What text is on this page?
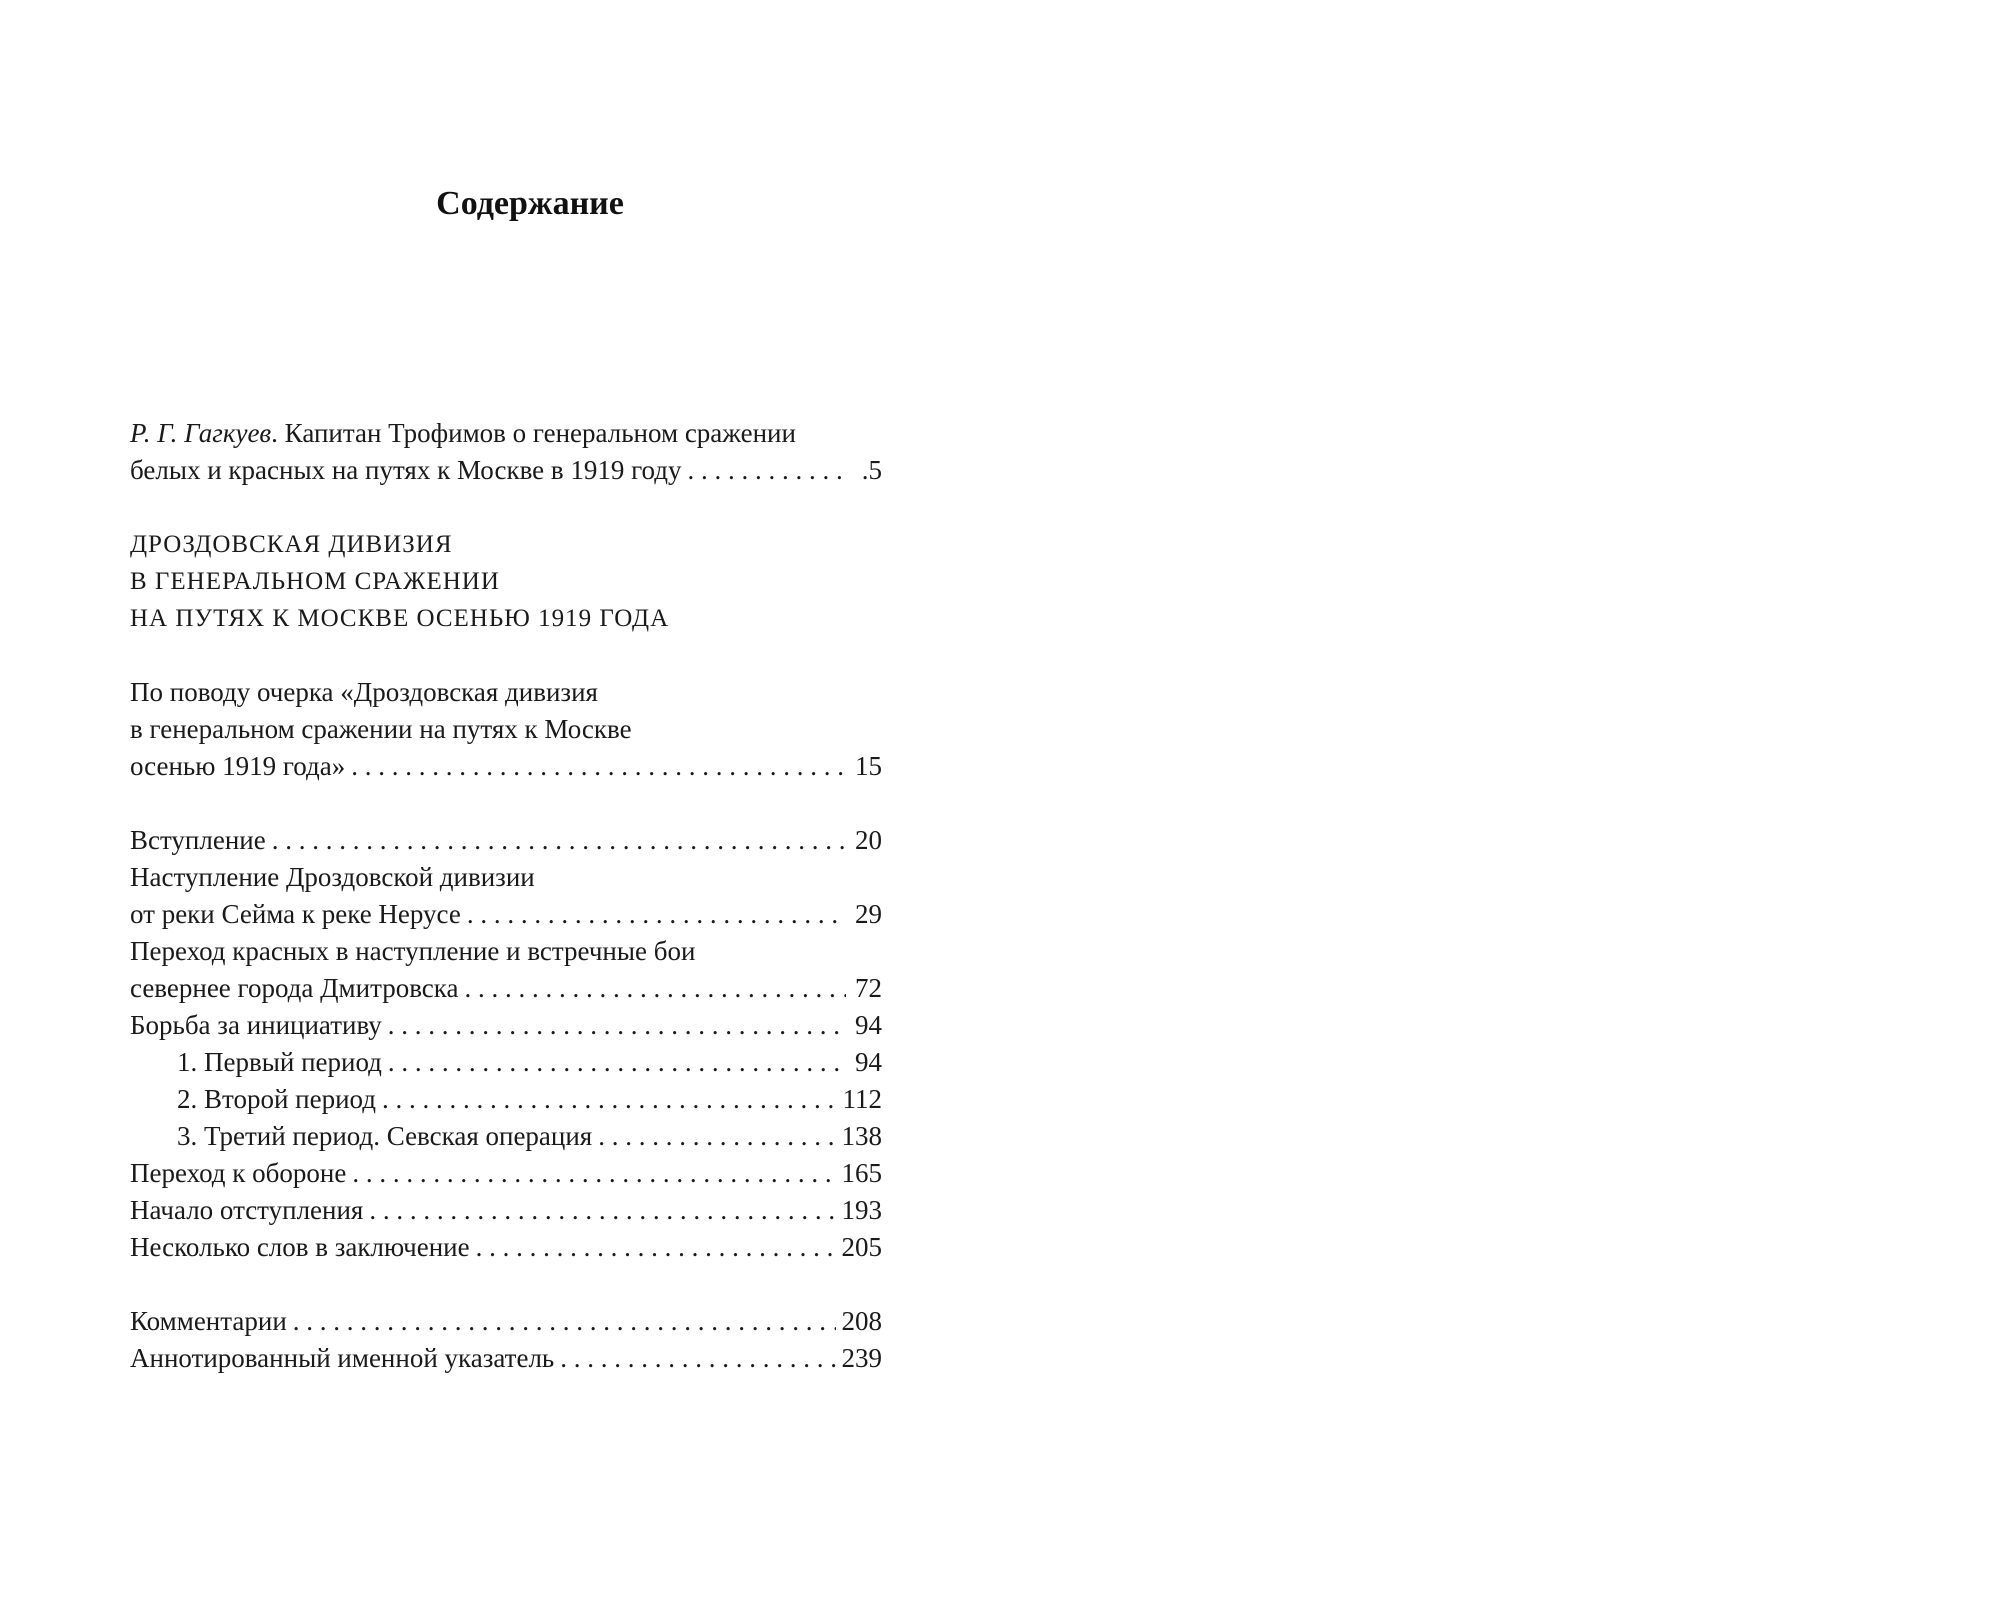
Содержание
Р. Г. Гагкуев. Капитан Трофимов о генеральном сражении
белых и красных на путях к Москве в 1919 году . . .	.5
ДРОЗДОВСКАЯ ДИВИЗИЯ
В ГЕНЕРАЛЬНОМ СРАЖЕНИИ
НА ПУТЯХ К МОСКВЕ ОСЕНЬЮ 1919 ГОДА
По поводу очерка «Дроздовская дивизия
в генеральном сражении на путях к Москве
осенью 1919 года» . . .	15
Вступление . . .	20
Наступление Дроздовской дивизии
от реки Сейма к реке Нерусе . . .	29
Переход красных в наступление и встречные бои
севернее города Дмитровска . . .	72
Борьба за инициативу . . .	94
1. Первый период . . .	94
2. Второй период . . .	112
3. Третий период. Севская операция . . .	138
Переход к обороне . . .	165
Начало отступления . . .	193
Несколько слов в заключение . . .	205
Комментарии . . .	208
Аннотированный именной указатель . . .	239
